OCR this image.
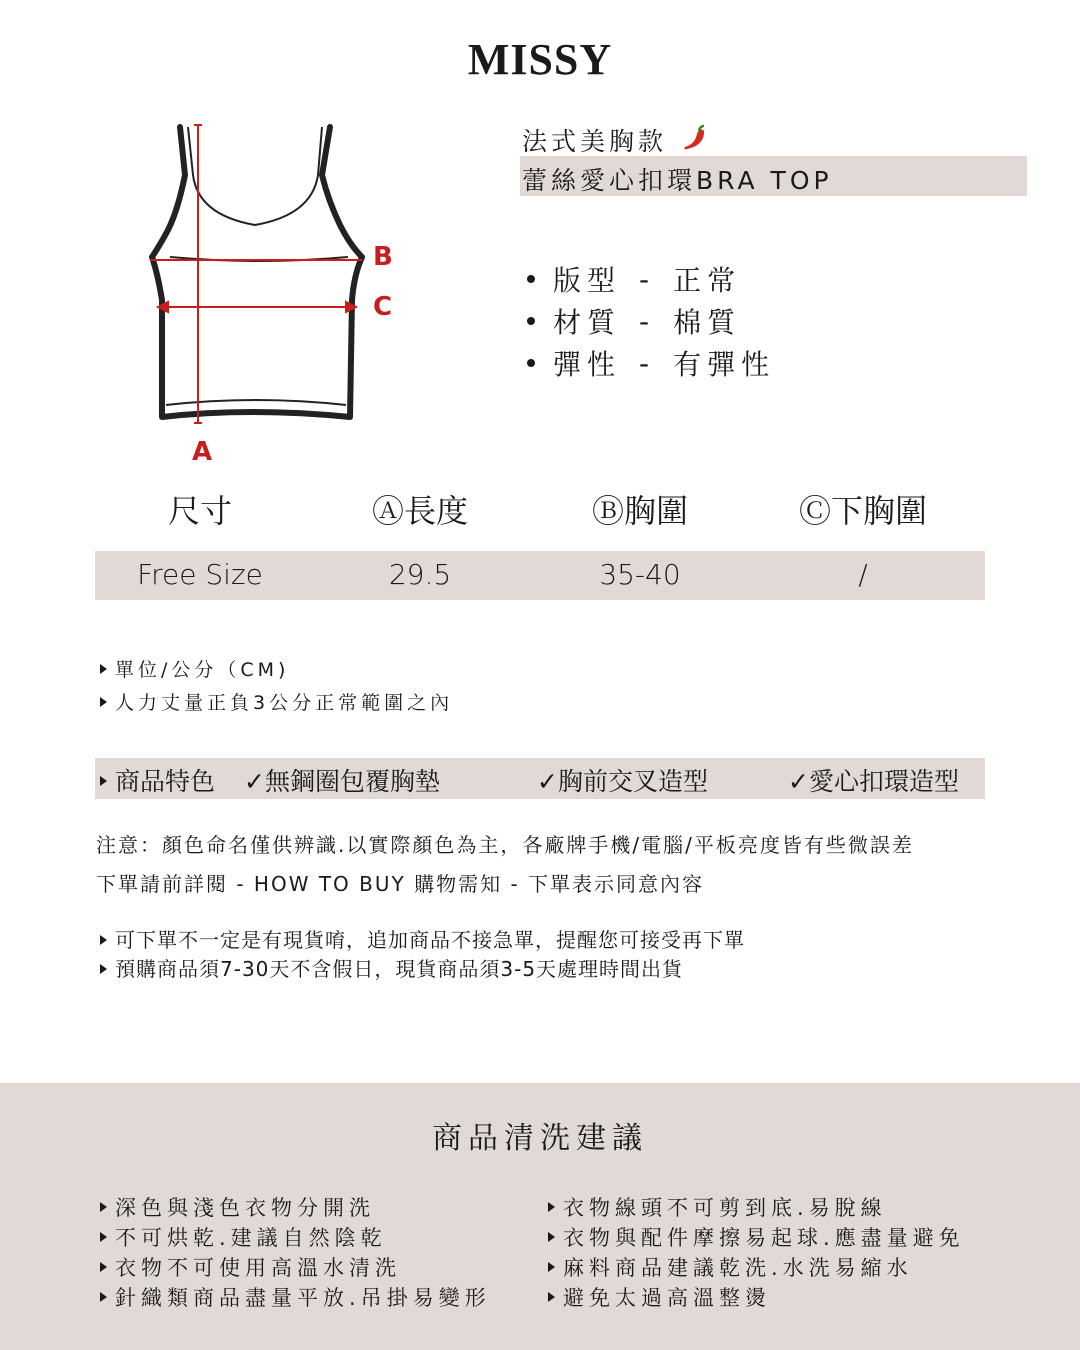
MISSY
B
C
A
法式美胸款
蕾絲愛心扣環BRA TOP
版型 - 正常
材質 - 棉質
彈性 - 有彈性
尺寸	Ⓐ長度	Ⓑ胸圍	Ⓒ下胸圍
Free Size	29.5	35-40	/
單位/公分（CM)
人力丈量正負3公分正常範圍之內
商品特色 ✓無鋼圈包覆胸墊	✓胸前交叉造型	✓愛心扣環造型
注意：顏色命名僅供辨識.以實際顏色為主，各廠牌手機/電腦/平板亮度皆有些微誤差
下單請前詳閱 - HOW TO BUY 購物需知 - 下單表示同意內容
可下單不一定是有現貨唷，追加商品不接急單，提醒您可接受再下單
預購商品須7-30天不含假日，現貨商品須3-5天處理時間出貨
商品清洗建議
深色與淺色衣物分開洗
不可烘乾.建議自然陰乾
衣物不可使用高溫水清洗
針織類商品盡量平放.吊掛易變形
衣物線頭不可剪到底.易脫線
衣物與配件摩擦易起球.應盡量避免
麻料商品建議乾洗.水洗易縮水
避免太過高溫整燙
